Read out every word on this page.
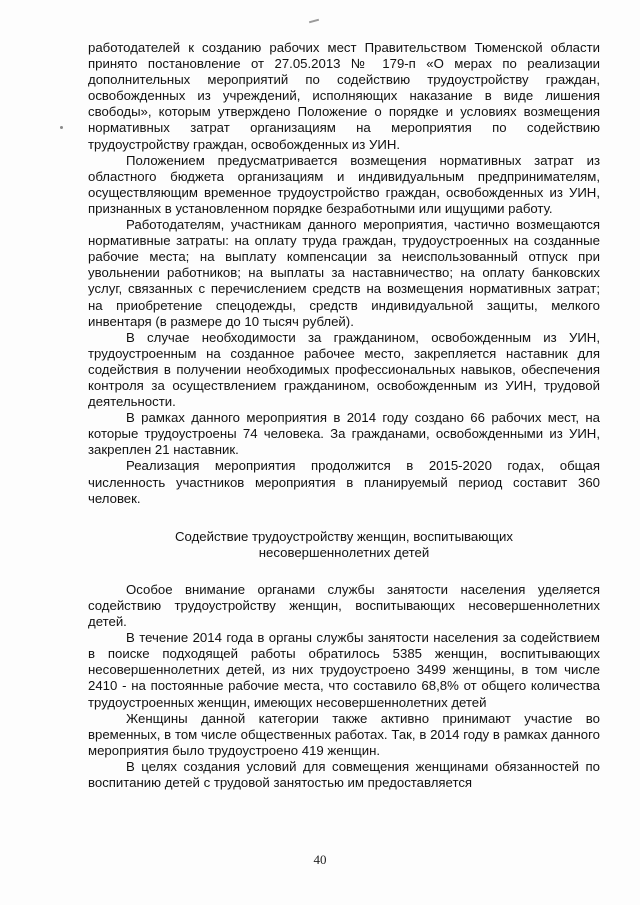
работодателей к созданию рабочих мест Правительством Тюменской области принято постановление от 27.05.2013 № 179-п «О мерах по реализации дополнительных мероприятий по содействию трудоустройству граждан, освобожденных из учреждений, исполняющих наказание в виде лишения свободы», которым утверждено Положение о порядке и условиях возмещения нормативных затрат организациям на мероприятия по содействию трудоустройству граждан, освобожденных из УИН.

Положением предусматривается возмещения нормативных затрат из областного бюджета организациям и индивидуальным предпринимателям, осуществляющим временное трудоустройство граждан, освобожденных из УИН, признанных в установленном порядке безработными или ищущими работу.

Работодателям, участникам данного мероприятия, частично возмещаются нормативные затраты: на оплату труда граждан, трудоустроенных на созданные рабочие места; на выплату компенсации за неиспользованный отпуск при увольнении работников; на выплаты за наставничество; на оплату банковских услуг, связанных с перечислением средств на возмещения нормативных затрат; на приобретение спецодежды, средств индивидуальной защиты, мелкого инвентаря (в размере до 10 тысяч рублей).

В случае необходимости за гражданином, освобожденным из УИН, трудоустроенным на созданное рабочее место, закрепляется наставник для содействия в получении необходимых профессиональных навыков, обеспечения контроля за осуществлением гражданином, освобожденным из УИН, трудовой деятельности.

В рамках данного мероприятия в 2014 году создано 66 рабочих мест, на которые трудоустроены 74 человека. За гражданами, освобожденными из УИН, закреплен 21 наставник.

Реализация мероприятия продолжится в 2015-2020 годах, общая численность участников мероприятия в планируемый период составит 360 человек.

Содействие трудоустройству женщин, воспитывающих
несовершеннолетних детей

Особое внимание органами службы занятости населения уделяется содействию трудоустройству женщин, воспитывающих несовершеннолетних детей.

В течение 2014 года в органы службы занятости населения за содействием в поиске подходящей работы обратилось 5385 женщин, воспитывающих несовершеннолетних детей, из них трудоустроено 3499 женщины, в том числе 2410 - на постоянные рабочие места, что составило 68,8% от общего количества трудоустроенных женщин, имеющих несовершеннолетних детей

Женщины данной категории также активно принимают участие во временных, в том числе общественных работах. Так, в 2014 году в рамках данного мероприятия было трудоустроено 419 женщин.

В целях создания условий для совмещения женщинами обязанностей по воспитанию детей с трудовой занятостью им предоставляется

40
